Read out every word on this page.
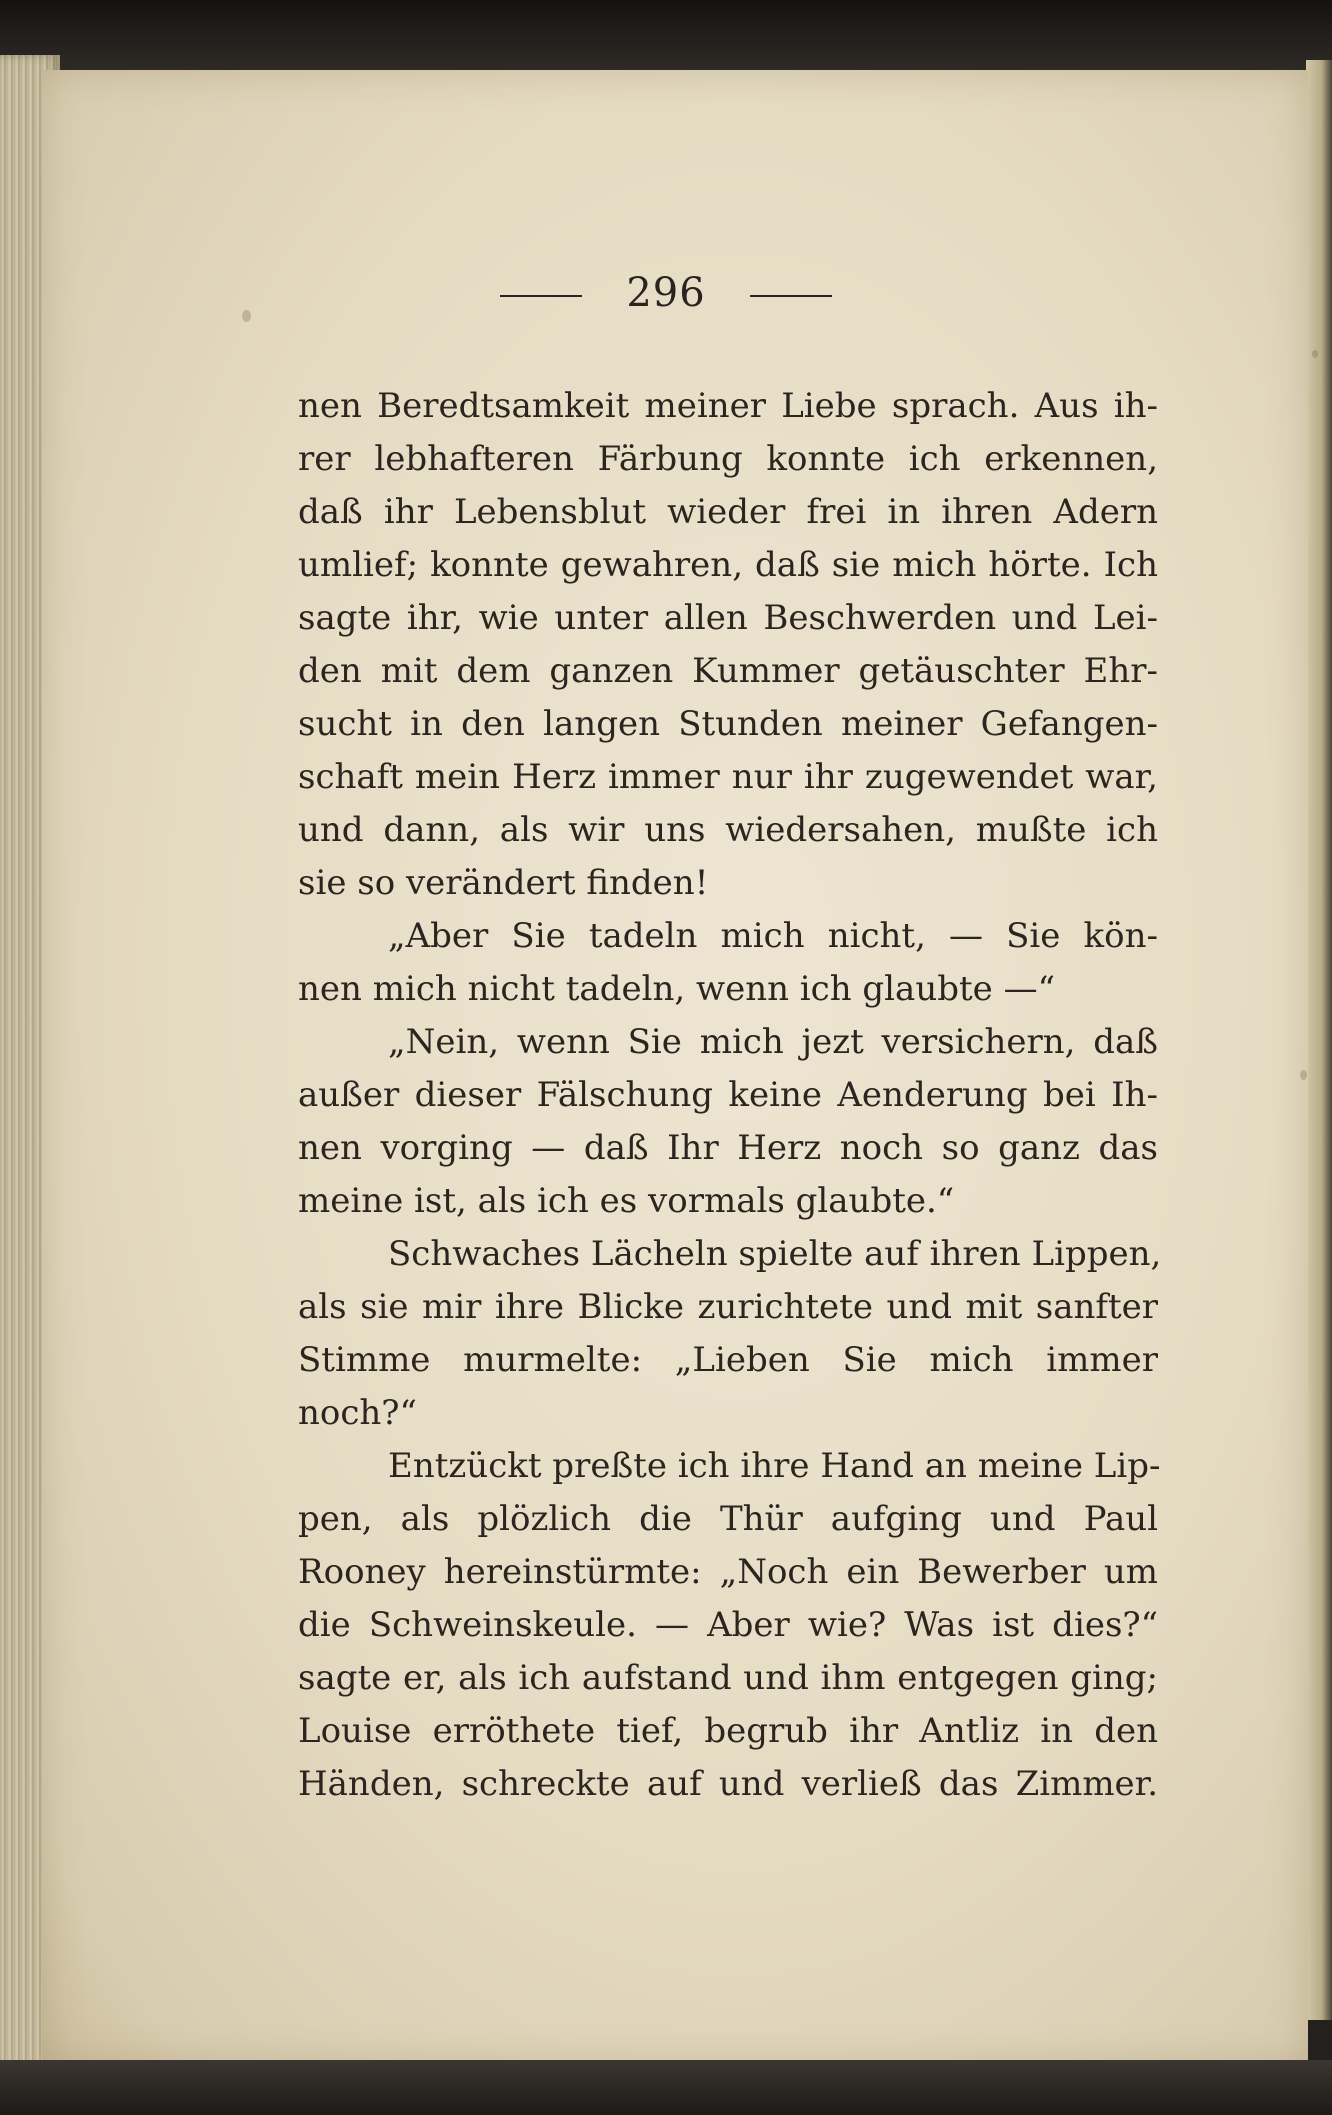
296
nen Beredtsamkeit meiner Liebe sprach. Aus ih-
rer lebhafteren Färbung konnte ich erkennen,
daß ihr Lebensblut wieder frei in ihren Adern
umlief; konnte gewahren, daß sie mich hörte. Ich
sagte ihr, wie unter allen Beschwerden und Lei-
den mit dem ganzen Kummer getäuschter Ehr-
sucht in den langen Stunden meiner Gefangen-
schaft mein Herz immer nur ihr zugewendet war,
und dann, als wir uns wiedersahen, mußte ich
sie so verändert finden!
„Aber Sie tadeln mich nicht, — Sie kön-
nen mich nicht tadeln, wenn ich glaubte —“
„Nein, wenn Sie mich jezt versichern, daß
außer dieser Fälschung keine Aenderung bei Ih-
nen vorging — daß Ihr Herz noch so ganz das
meine ist, als ich es vormals glaubte.“
Schwaches Lächeln spielte auf ihren Lippen,
als sie mir ihre Blicke zurichtete und mit sanfter
Stimme murmelte: „Lieben Sie mich immer
noch?“
Entzückt preßte ich ihre Hand an meine Lip-
pen, als plözlich die Thür aufging und Paul
Rooney hereinstürmte: „Noch ein Bewerber um
die Schweinskeule. — Aber wie? Was ist dies?“
sagte er, als ich aufstand und ihm entgegen ging;
Louise erröthete tief, begrub ihr Antliz in den
Händen, schreckte auf und verließ das Zimmer.
